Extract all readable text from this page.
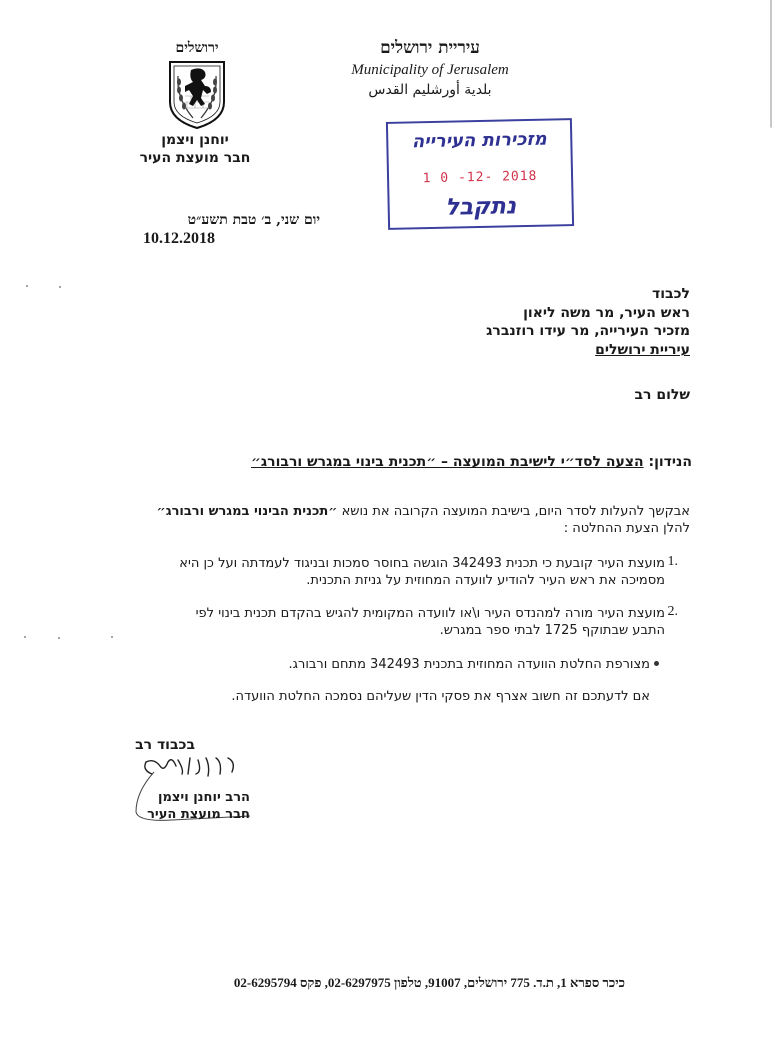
עיריית ירושלים
Municipality of Jerusalem
بلدية أورشليم القدس
ירושלים
יוחנן ויצמן
חבר מועצת העיר
מזכירות העירייה
1 0 -12- 2018
נתקבל
יום שני, ב׳ טבת תשע״ט
10.12.2018
לכבוד
ראש העיר, מר משה ליאון
מזכיר העירייה, מר עידו רוזנברג
עיריית ירושלים
שלום רב
הנידון: הצעה לסד״י לישיבת המועצה – ״תכנית בינוי במגרש ורבורג״
אבקשך להעלות לסדר היום, בישיבת המועצה הקרובה את נושא ״תכנית הבינוי במגרש ורבורג״
להלן הצעת ההחלטה :
1.
מועצת העיר קובעת כי תכנית 342493 הוגשה בחוסר סמכות ובניגוד לעמדתה ועל כן היא
מסמיכה את ראש העיר להודיע לוועדה המחוזית על גניזת התכנית.
2.
מועצת העיר מורה למהנדס העיר ו\או לוועדה המקומית להגיש בהקדם תכנית בינוי לפי
התבע שבתוקף 1725 לבתי ספר במגרש.
מצורפת החלטת הוועדה המחוזית בתכנית 342493 מתחם ורבורג.
אם לדעתכם זה חשוב אצרף את פסקי הדין שעליהם נסמכה החלטת הוועדה.
בכבוד רב
הרב יוחנן ויצמן
חבר מועצת העיר
כיכר ספרא 1, ת.ד. 775 ירושלים, 91007, טלפון 02-6297975, פקס 02-6295794
